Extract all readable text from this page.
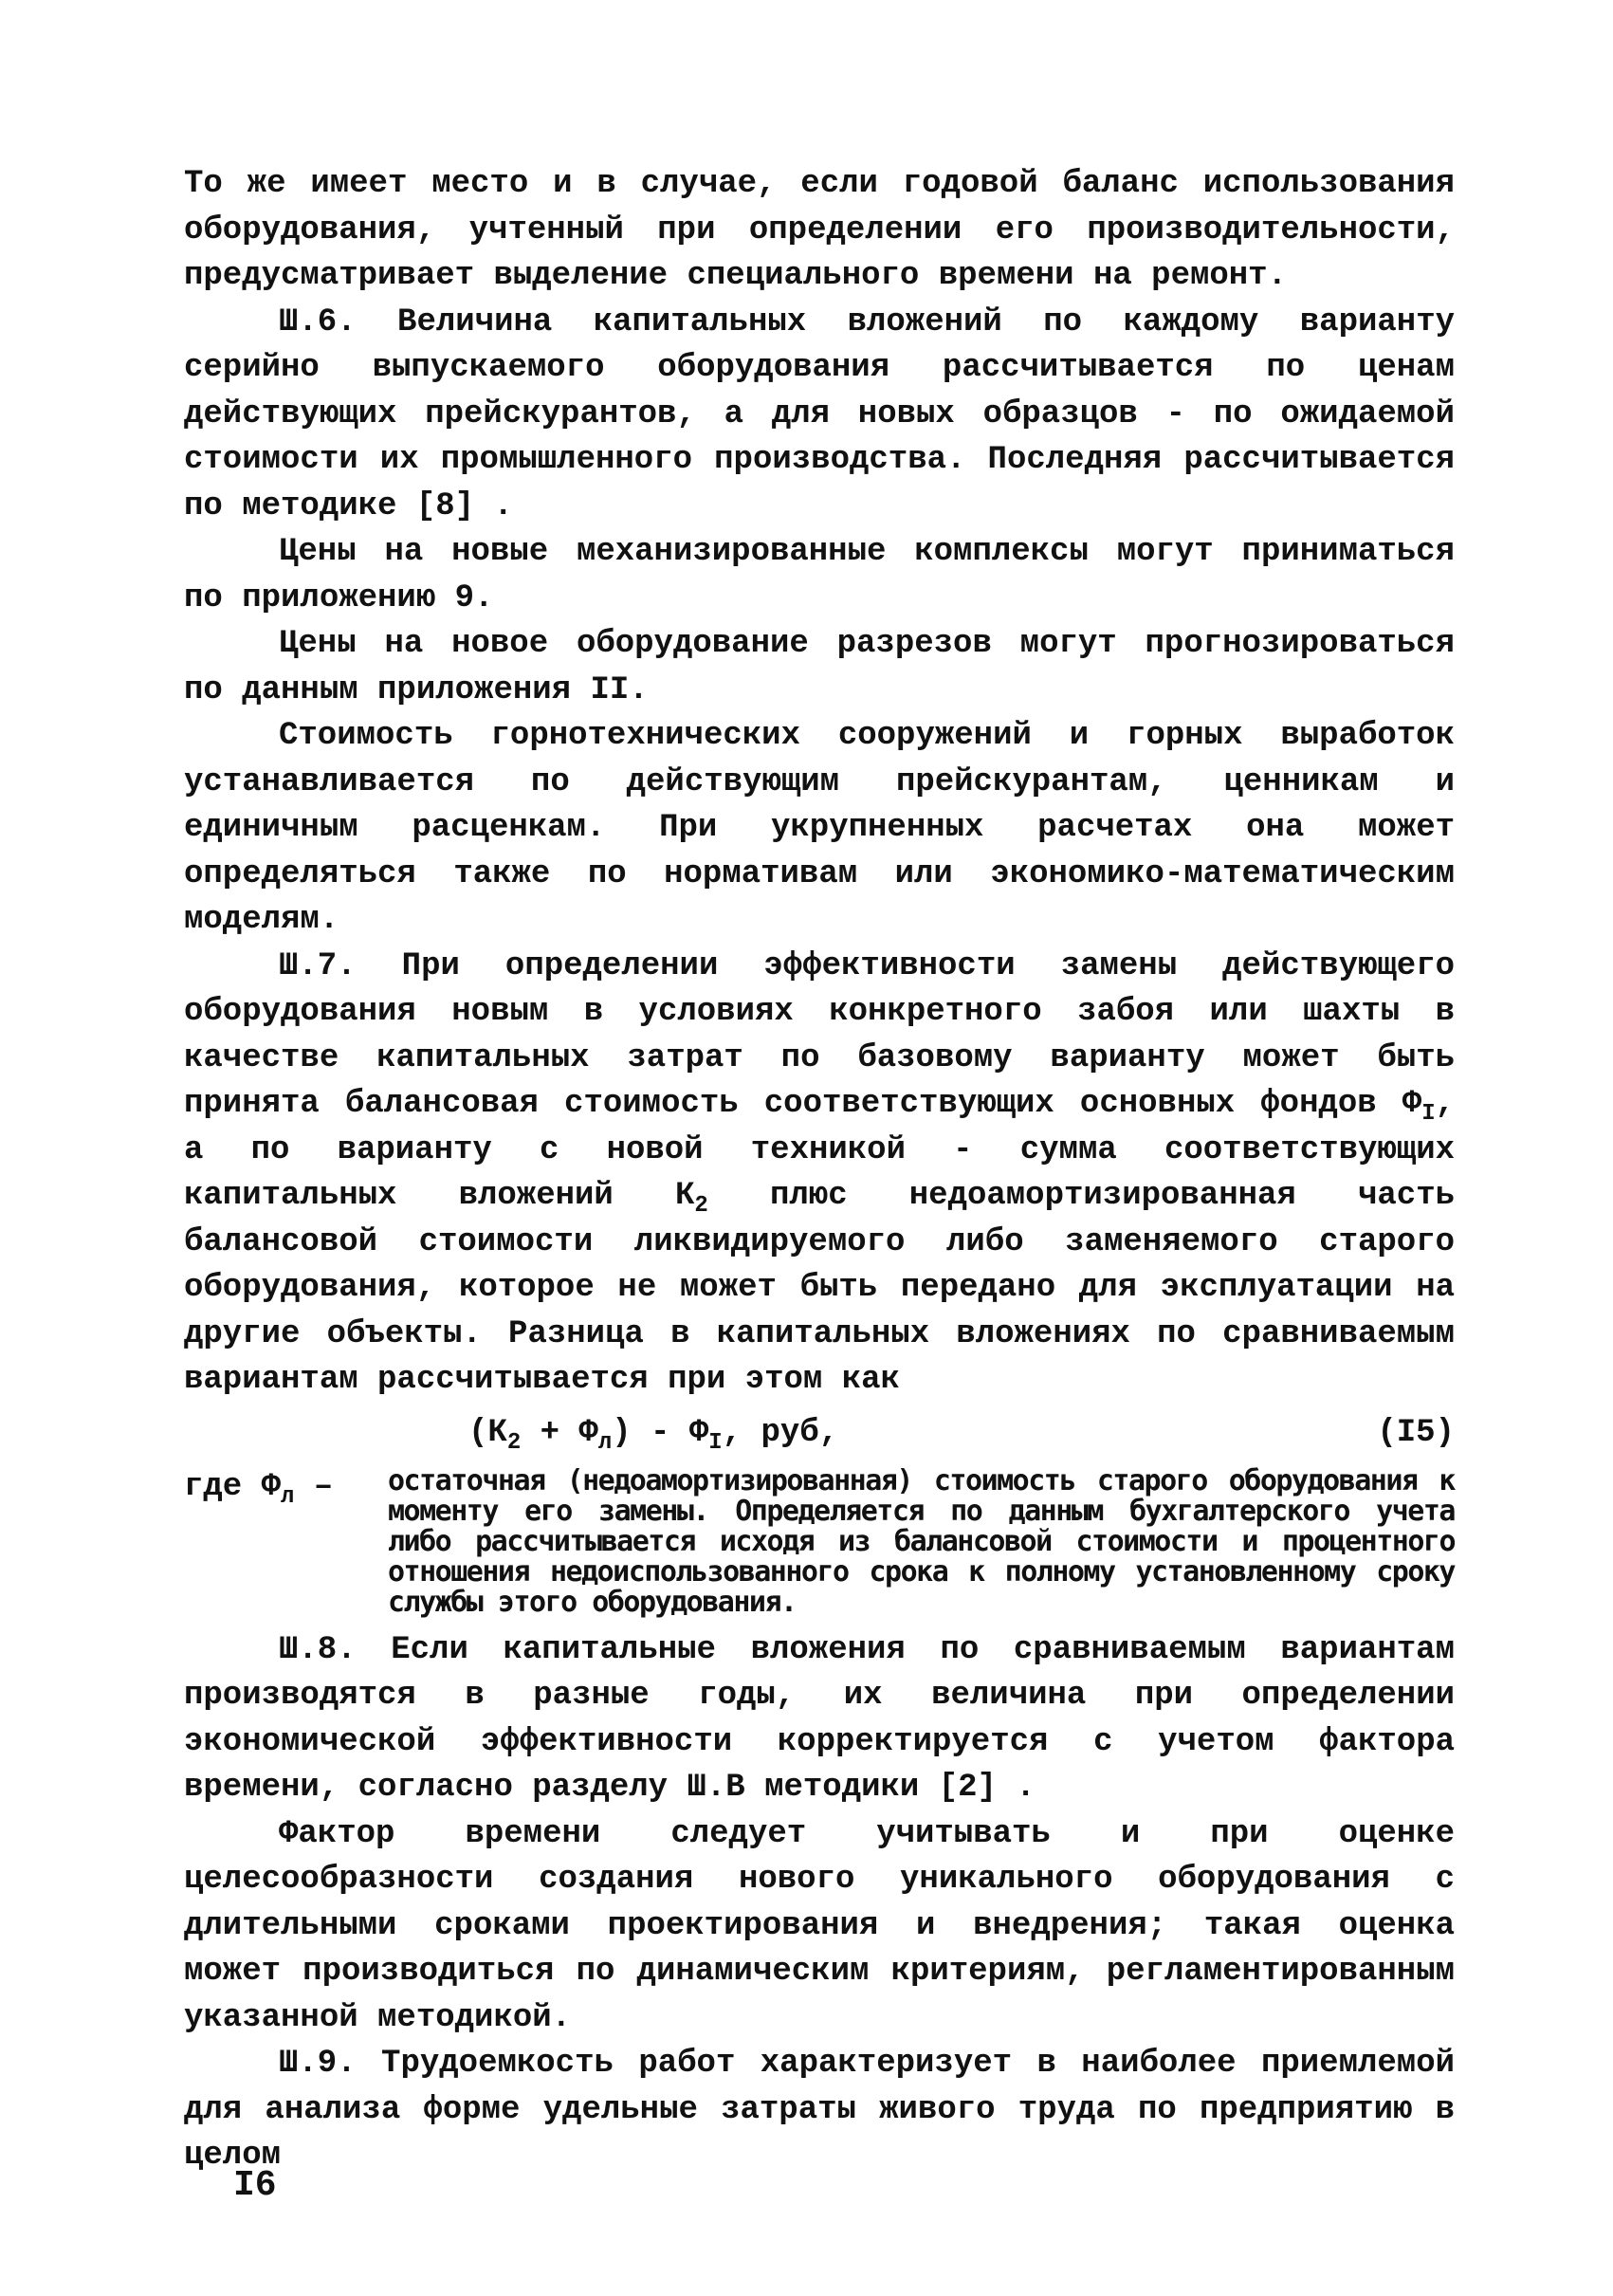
То же имеет место и в случае, если годовой баланс использования оборудования, учтенный при определении его производительности, предусматривает выделение специального времени на ремонт.

Ш.6. Величина капитальных вложений по каждому варианту серийно выпускаемого оборудования рассчитывается по ценам действующих прейскурантов, а для новых образцов - по ожидаемой стоимости их промышленного производства. Последняя рассчитывается по методике [8] .

Цены на новые механизированные комплексы могут приниматься по приложению 9.

Цены на новое оборудование разрезов могут прогнозироваться по данным приложения II.

Стоимость горнотехнических сооружений и горных выработок устанавливается по действующим прейскурантам, ценникам и единичным расценкам. При укрупненных расчетах она может определяться также по нормативам или экономико-математическим моделям.

Ш.7. При определении эффективности замены действующего оборудования новым в условиях конкретного забоя или шахты в качестве капитальных затрат по базовому варианту может быть принята балансовая стоимость соответствующих основных фондов $Ф_I$, а по варианту с новой техникой - сумма соответствующих капитальных вложений $К_2$ плюс недоамортизированная часть балансовой стоимости ликвидируемого либо заменяемого старого оборудования, которое не может быть передано для эксплуатации на другие объекты. Разница в капитальных вложениях по сравниваемым вариантам рассчитывается при этом как

$(К_2 + Ф_л) - Ф_I$, руб,	(I5)
где $Ф_л$ –	остаточная (недоамортизированная) стоимость старого оборудования к моменту его замены. Определяется по данным бухгалтерского учета либо рассчитывается исходя из балансовой стоимости и процентного отношения недоиспользованного срока к полному установленному сроку службы этого оборудования.

Ш.8. Если капитальные вложения по сравниваемым вариантам производятся в разные годы, их величина при определении экономической эффективности корректируется с учетом фактора времени, согласно разделу Ш.В методики [2] .

Фактор времени следует учитывать и при оценке целесообразности создания нового уникального оборудования с длительными сроками проектирования и внедрения; такая оценка может производиться по динамическим критериям, регламентированным указанной методикой.

Ш.9. Трудоемкость работ характеризует в наиболее приемлемой для анализа форме удельные затраты живого труда по предприятию в целом

I6
